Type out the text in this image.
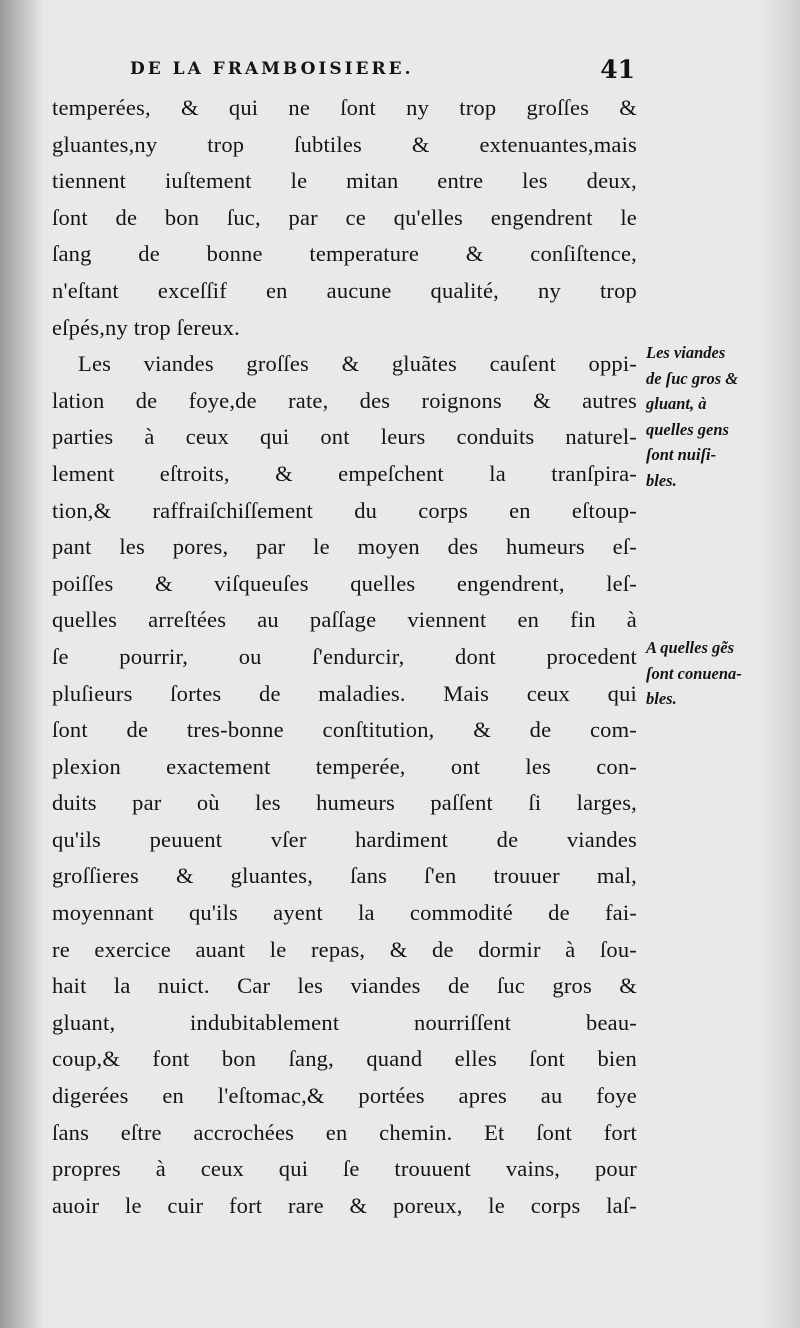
DE LA FRAMBOISIERE.	41
temperées, & qui ne ſont ny trop groſſes &
gluantes,ny trop ſubtiles & extenuantes,mais
tiennent iuſtement le mitan entre les deux,
ſont de bon ſuc, par ce qu'elles engendrent le
ſang de bonne temperature & conſiſtence,
n'eſtant exceſſif en aucune qualité, ny trop
eſpés,ny trop ſereux.
Les viandes groſſes & gluãtes cauſent oppi-
lation de foye,de rate, des roignons & autres
parties à ceux qui ont leurs conduits naturel-
lement eſtroits, & empeſchent la tranſpira-
tion,& raffraiſchiſſement du corps en eſtoup-
pant les pores, par le moyen des humeurs eſ-
poiſſes & viſqueuſes quelles engendrent, leſ-
quelles arreſtées au paſſage viennent en fin à
ſe pourrir, ou ſ'endurcir, dont procedent
pluſieurs ſortes de maladies. Mais ceux qui
ſont de tres-bonne conſtitution, & de com-
plexion exactement temperée, ont les con-
duits par où les humeurs paſſent ſi larges,
qu'ils peuuent vſer hardiment de viandes
groſſieres & gluantes, ſans ſ'en trouuer mal,
moyennant qu'ils ayent la commodité de fai-
re exercice auant le repas, & de dormir à ſou-
hait la nuict. Car les viandes de ſuc gros &
gluant, indubitablement nourriſſent beau-
coup,& font bon ſang, quand elles ſont bien
digerées en l'eſtomac,& portées apres au foye
ſans eſtre accrochées en chemin. Et ſont fort
propres à ceux qui ſe trouuent vains, pour
auoir le cuir fort rare & poreux, le corps laſ-
Les viandes
de ſuc gros &
gluant, à
quelles gens
ſont nuiſi-
bles.
A quelles gẽs
ſont conuena-
bles.
